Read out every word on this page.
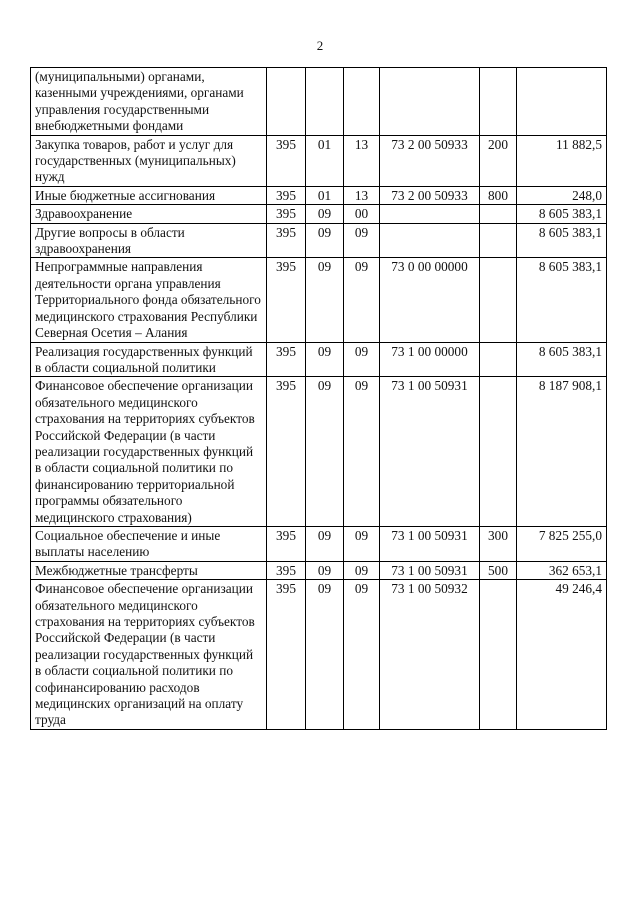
2
(муниципальными) органами, казенными учреждениями, органами управления государственными внебюджетными фондами						
Закупка товаров, работ и услуг для государственных (муниципальных) нужд	395	01	13	73 2 00 50933	200	11 882,5
Иные бюджетные ассигнования	395	01	13	73 2 00 50933	800	248,0
Здравоохранение	395	09	00			8 605 383,1
Другие вопросы в области здравоохранения	395	09	09			8 605 383,1
Непрограммные направления деятельности органа управления Территориального фонда обязательного медицинского страхования Республики Северная Осетия – Алания	395	09	09	73 0 00 00000		8 605 383,1
Реализация государственных функций в области социальной политики	395	09	09	73 1 00 00000		8 605 383,1
Финансовое обеспечение организации обязательного медицинского страхования на территориях субъектов Российской Федерации (в части реализации государственных функций в области социальной политики по финансированию территориальной программы обязательного медицинского страхования)	395	09	09	73 1 00 50931		8 187 908,1
Социальное обеспечение и иные выплаты населению	395	09	09	73 1 00 50931	300	7 825 255,0
Межбюджетные трансферты	395	09	09	73 1 00 50931	500	362 653,1
Финансовое обеспечение организации обязательного медицинского страхования на территориях субъектов Российской Федерации (в части реализации государственных функций в области социальной политики по софинансированию расходов медицинских организаций на оплату труда	395	09	09	73 1 00 50932		49 246,4
